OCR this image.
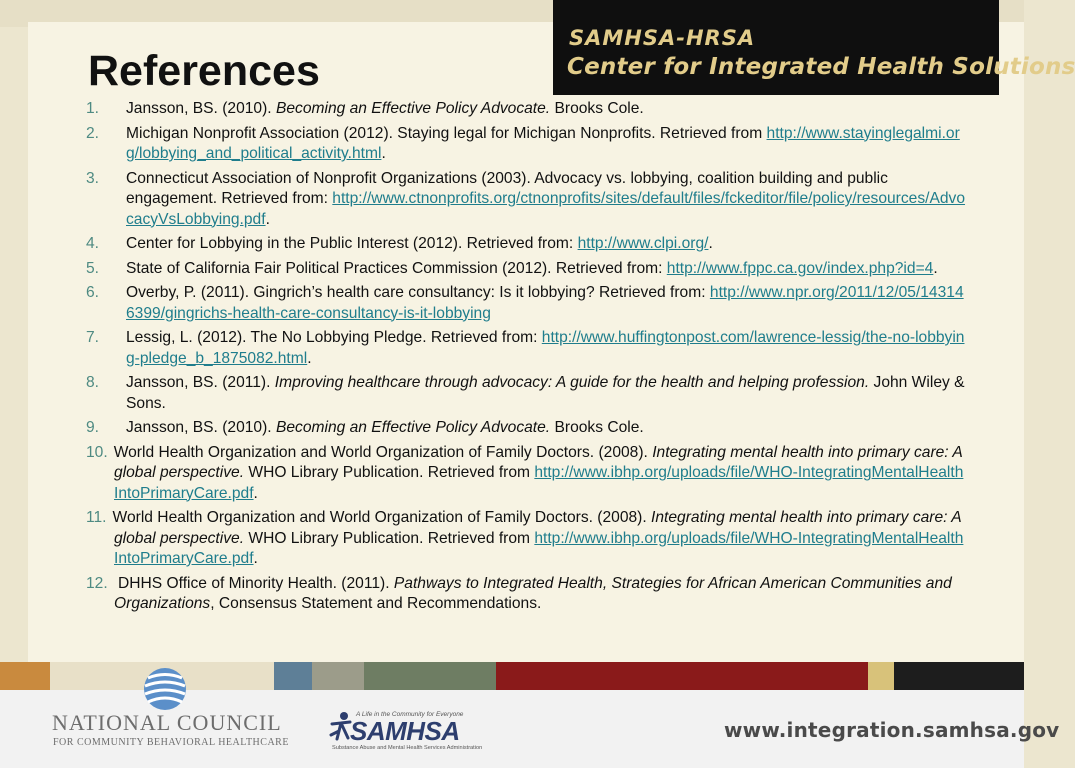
SAMHSA-HRSA
Center for Integrated Health Solutions
References
1.	Jansson, BS. (2010). Becoming an Effective Policy Advocate. Brooks Cole.
2.	Michigan Nonprofit Association (2012). Staying legal for Michigan Nonprofits. Retrieved from http://www.stayinglegalmi.org/lobbying_and_political_activity.html.
3.	Connecticut Association of Nonprofit Organizations (2003). Advocacy vs. lobbying, coalition building and public engagement. Retrieved from: http://www.ctnonprofits.org/ctnonprofits/sites/default/files/fckeditor/file/policy/resources/AdvocacyVsLobbying.pdf.
4.	Center for Lobbying in the Public Interest (2012). Retrieved from: http://www.clpi.org/.
5.	State of California Fair Political Practices Commission (2012). Retrieved from: http://www.fppc.ca.gov/index.php?id=4.
6.	Overby, P. (2011). Gingrich’s health care consultancy: Is it lobbying? Retrieved from: http://www.npr.org/2011/12/05/143146399/gingrichs-health-care-consultancy-is-it-lobbying
7.	Lessig, L. (2012). The No Lobbying Pledge. Retrieved from: http://www.huffingtonpost.com/lawrence-lessig/the-no-lobbying-pledge_b_1875082.html.
8.	Jansson, BS. (2011). Improving healthcare through advocacy: A guide for the health and helping profession. John Wiley & Sons.
9.	Jansson, BS. (2010). Becoming an Effective Policy Advocate. Brooks Cole.
10. World Health Organization and World Organization of Family Doctors. (2008). Integrating mental health into primary care: A global perspective. WHO Library Publication. Retrieved from http://www.ibhp.org/uploads/file/WHO-IntegratingMentalHealthIntoPrimaryCare.pdf.
11. World Health Organization and World Organization of Family Doctors. (2008). Integrating mental health into primary care: A global perspective. WHO Library Publication. Retrieved from http://www.ibhp.org/uploads/file/WHO-IntegratingMentalHealthIntoPrimaryCare.pdf.
12. DHHS Office of Minority Health. (2011). Pathways to Integrated Health, Strategies for African American Communities and Organizations, Consensus Statement and Recommendations.
NATIONAL COUNCIL
FOR COMMUNITY BEHAVIORAL HEALTHCARE
A Life in the Community for Everyone
SAMHSA
Substance Abuse and Mental Health Services Administration
www.integration.samhsa.gov
